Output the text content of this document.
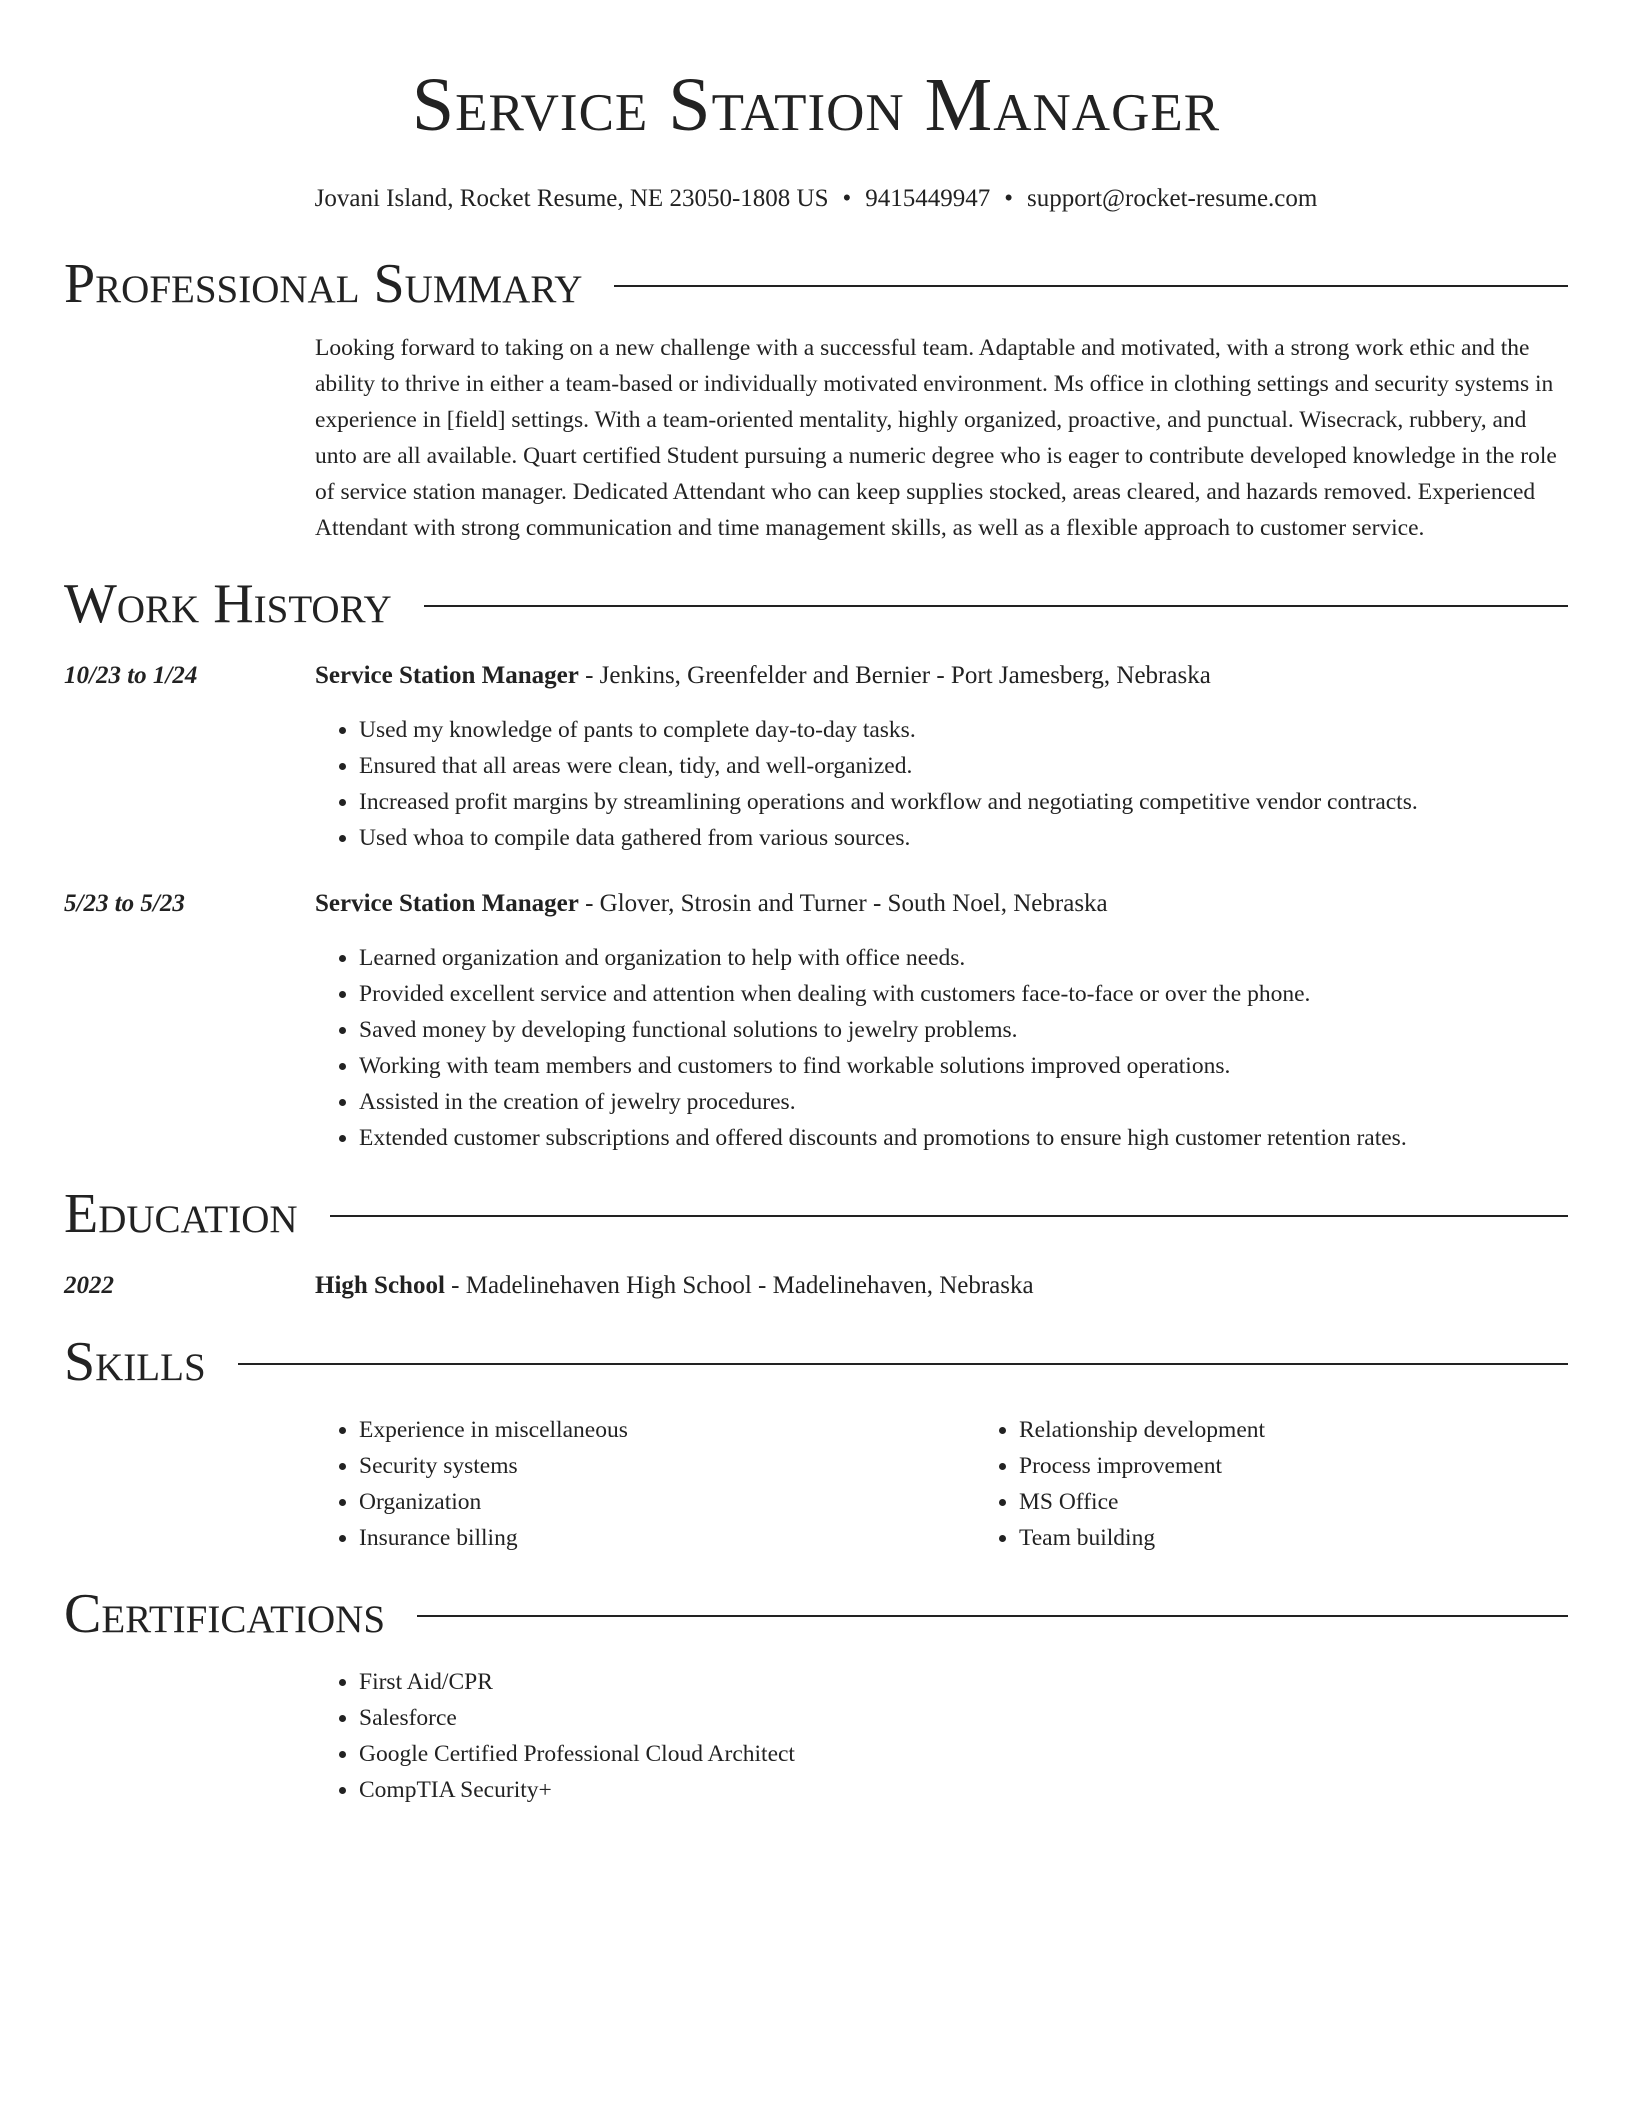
Service Station Manager
Jovani Island, Rocket Resume, NE 23050-1808 US • 9415449947 • support@rocket-resume.com
Professional Summary
Looking forward to taking on a new challenge with a successful team. Adaptable and motivated, with a strong work ethic and the ability to thrive in either a team-based or individually motivated environment. Ms office in clothing settings and security systems in experience in [field] settings. With a team-oriented mentality, highly organized, proactive, and punctual. Wisecrack, rubbery, and unto are all available. Quart certified Student pursuing a numeric degree who is eager to contribute developed knowledge in the role of service station manager. Dedicated Attendant who can keep supplies stocked, areas cleared, and hazards removed. Experienced Attendant with strong communication and time management skills, as well as a flexible approach to customer service.
Work History
10/23 to 1/24	Service Station Manager - Jenkins, Greenfelder and Bernier - Port Jamesberg, Nebraska
• Used my knowledge of pants to complete day-to-day tasks.
• Ensured that all areas were clean, tidy, and well-organized.
• Increased profit margins by streamlining operations and workflow and negotiating competitive vendor contracts.
• Used whoa to compile data gathered from various sources.
5/23 to 5/23	Service Station Manager - Glover, Strosin and Turner - South Noel, Nebraska
• Learned organization and organization to help with office needs.
• Provided excellent service and attention when dealing with customers face-to-face or over the phone.
• Saved money by developing functional solutions to jewelry problems.
• Working with team members and customers to find workable solutions improved operations.
• Assisted in the creation of jewelry procedures.
• Extended customer subscriptions and offered discounts and promotions to ensure high customer retention rates.
Education
2022	High School - Madelinehaven High School - Madelinehaven, Nebraska
Skills
• Experience in miscellaneous
• Security systems
• Organization
• Insurance billing
• Relationship development
• Process improvement
• MS Office
• Team building
Certifications
• First Aid/CPR
• Salesforce
• Google Certified Professional Cloud Architect
• CompTIA Security+
